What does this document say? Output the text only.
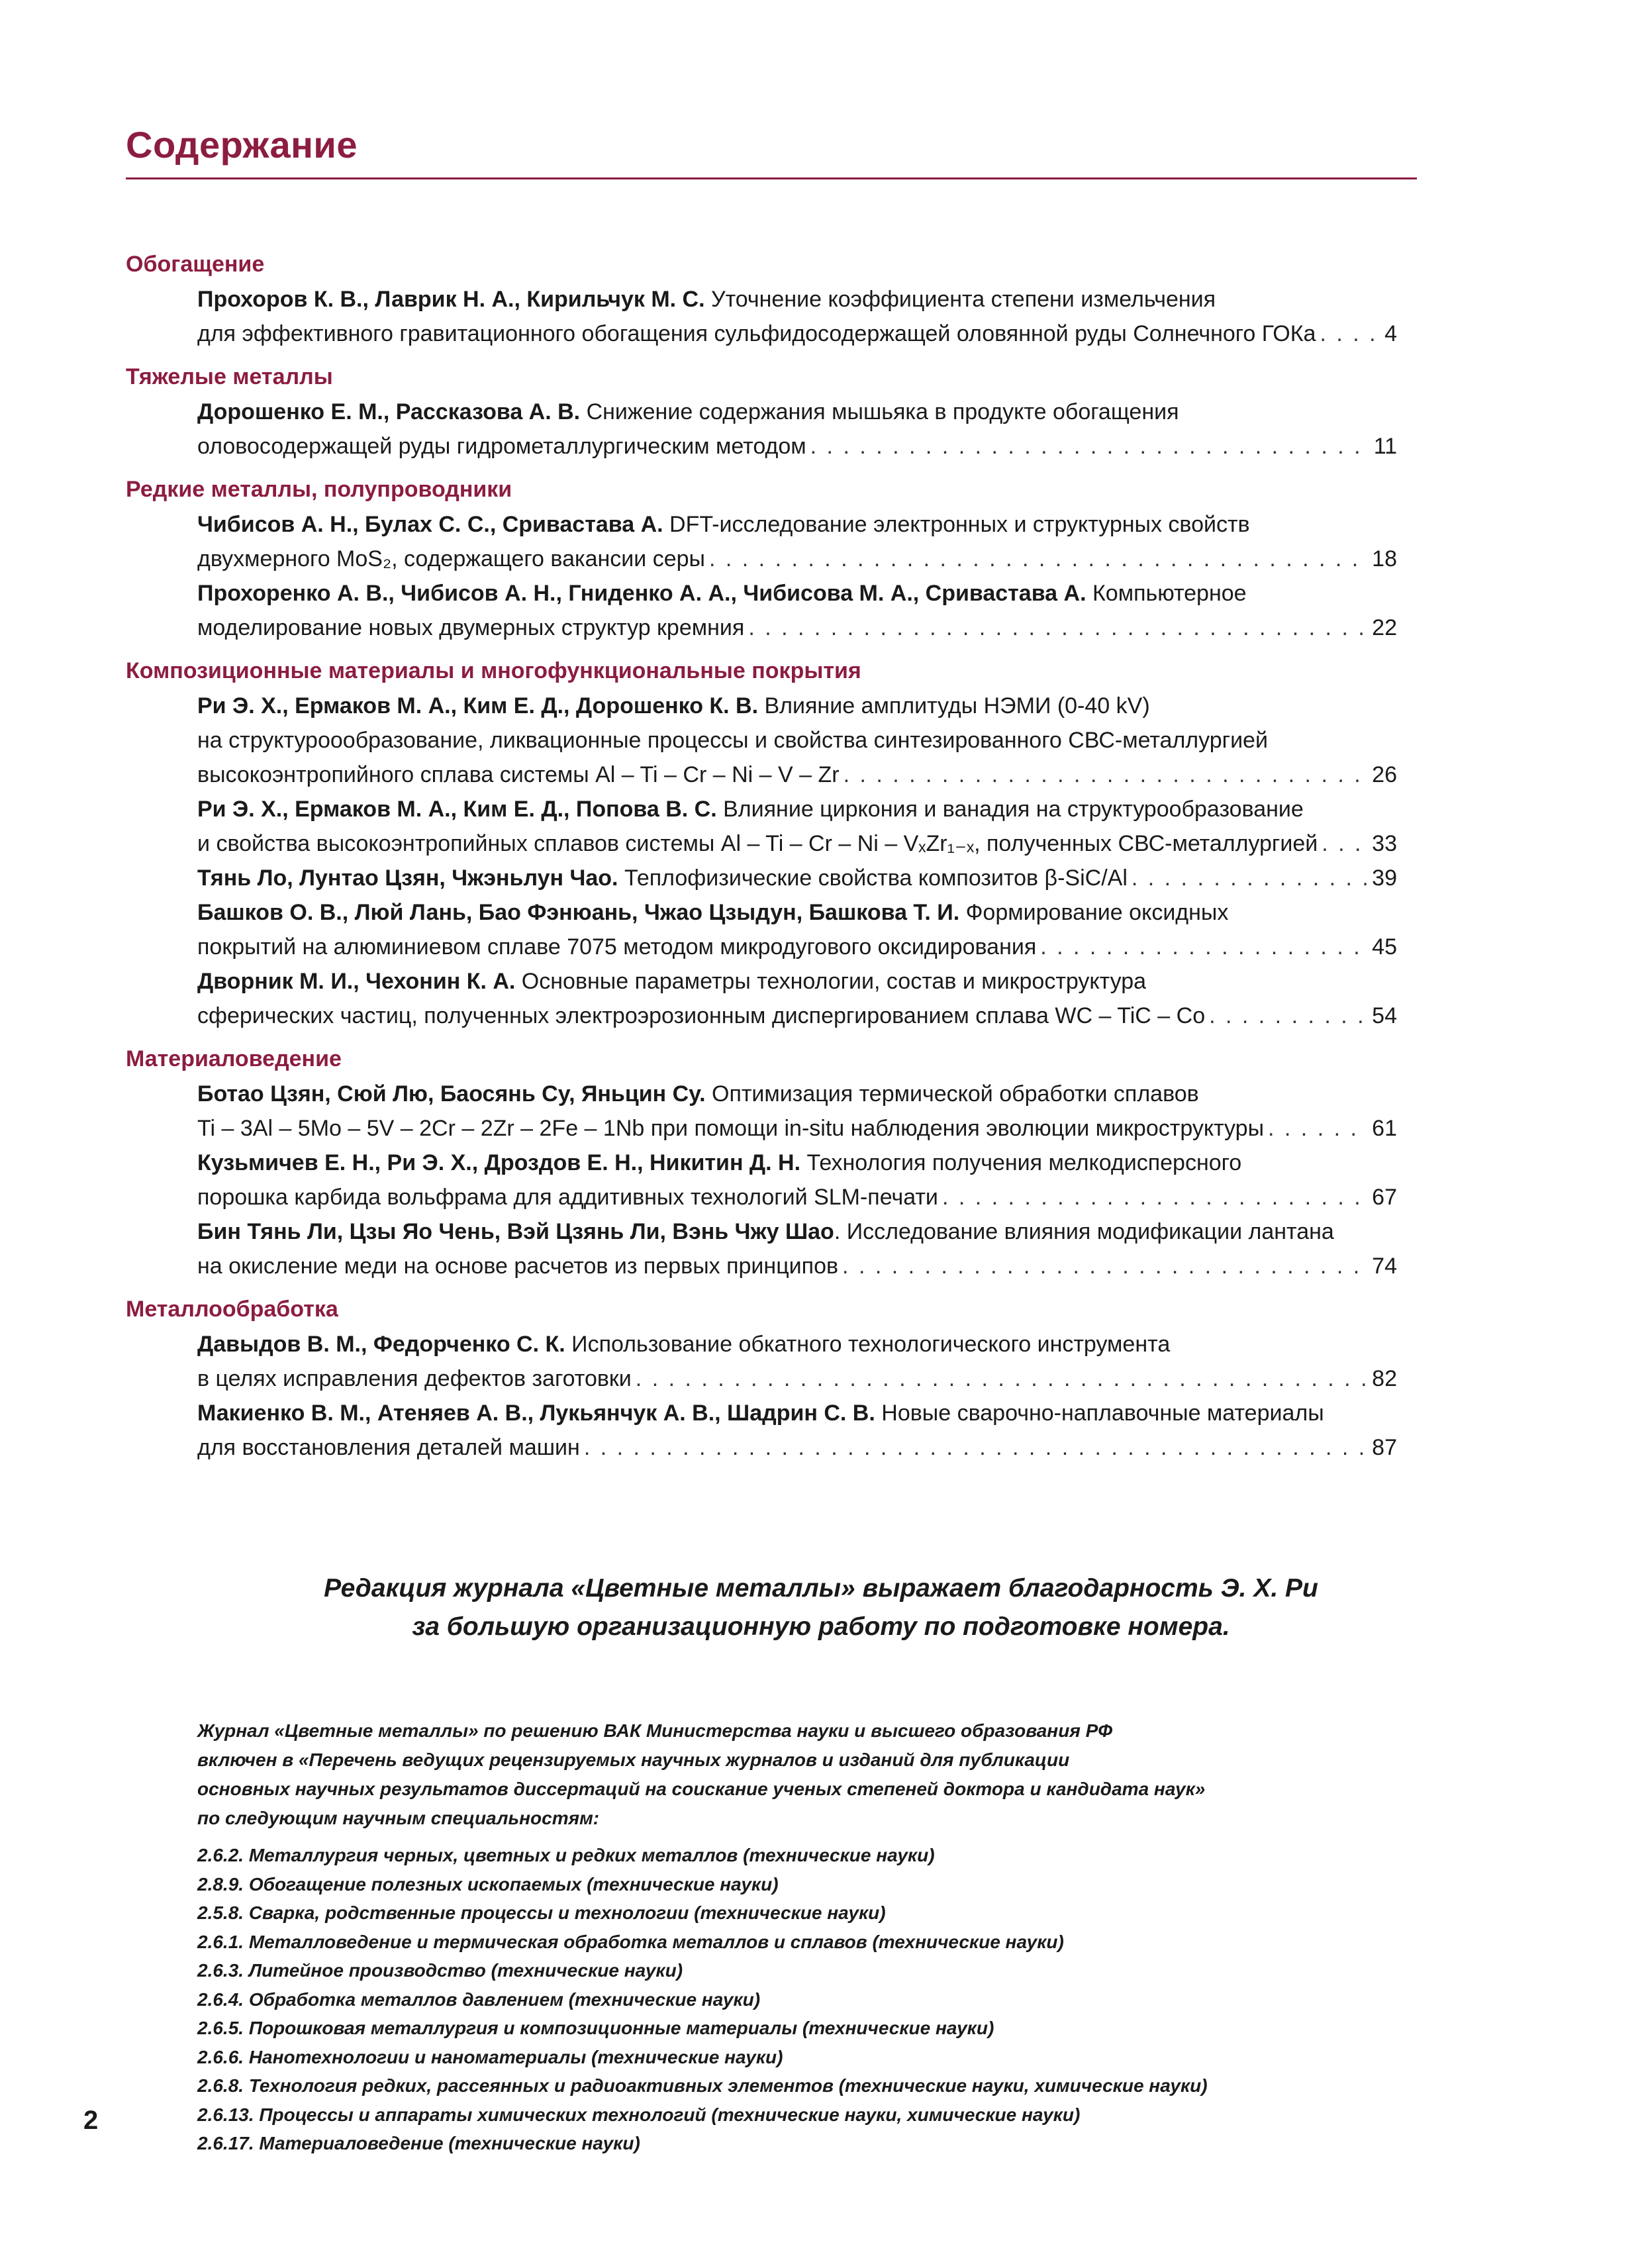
Содержание
Обогащение
Прохоров К. В., Лаврик Н. А., Кирильчук М. С. Уточнение коэффициента степени измельчения
для эффективного гравитационного обогащения сульфидосодержащей оловянной руды Солнечного ГОКа . . .	4
Тяжелые металлы
Дорошенко Е. М., Рассказова А. В. Снижение содержания мышьяка в продукте обогащения
оловосодержащей руды гидрометаллургическим методом . . .	11
Редкие металлы, полупроводники
Чибисов А. Н., Булах С. С., Сривастава А. DFT-исследование электронных и структурных свойств
двухмерного MoS₂, содержащего вакансии серы . . .	18
Прохоренко А. В., Чибисов А. Н., Гниденко А. А., Чибисова М. А., Сривастава А. Компьютерное
моделирование новых двумерных структур кремния . . .	22
Композиционные материалы и многофункциональные покрытия
Ри Э. Х., Ермаков М. А., Ким Е. Д., Дорошенко К. В. Влияние амплитуды НЭМИ (0-40 kV)
на структуроообразование, ликвационные процессы и свойства синтезированного СВС-металлургией
высокоэнтропийного сплава системы Al – Ti – Cr – Ni – V – Zr . . .	26
Ри Э. Х., Ермаков М. А., Ким Е. Д., Попова В. С. Влияние циркония и ванадия на структурообразование
и свойства высокоэнтропийных сплавов системы Al – Ti – Cr – Ni – VₓZr₁₋ₓ, полученных СВС-металлургией . . . 33
Тянь Ло, Лунтао Цзян, Чжэньлун Чао. Теплофизические свойства композитов β-SiC/Al . . .	39
Башков О. В., Люй Лань, Бао Фэнюань, Чжао Цзыдун, Башкова Т. И. Формирование оксидных
покрытий на алюминиевом сплаве 7075 методом микродугового оксидирования . . .	45
Дворник М. И., Чехонин К. А. Основные параметры технологии, состав и микроструктура
сферических частиц, полученных электроэрозионным диспергированием сплава WC – TiC – Co . . .	54
Материаловедение
Ботао Цзян, Сюй Лю, Баосянь Су, Яньцин Су. Оптимизация термической обработки сплавов
Ti – 3Al – 5Mo – 5V – 2Cr – 2Zr – 2Fe – 1Nb при помощи in-situ наблюдения эволюции микроструктуры . . .	61
Кузьмичев Е. Н., Ри Э. Х., Дроздов Е. Н., Никитин Д. Н. Технология получения мелкодисперсного
порошка карбида вольфрама для аддитивных технологий SLM-печати . . .	67
Бин Тянь Ли, Цзы Яо Чень, Вэй Цзянь Ли, Вэнь Чжу Шао. Исследование влияния модификации лантана
на окисление меди на основе расчетов из первых принципов . . .	74
Металлообработка
Давыдов В. М., Федорченко С. К. Использование обкатного технологического инструмента
в целях исправления дефектов заготовки . . .	82
Макиенко В. М., Атеняев А. В., Лукьянчук А. В., Шадрин С. В. Новые сварочно-наплавочные материалы
для восстановления деталей машин . . .	87
Редакция журнала «Цветные металлы» выражает благодарность Э. Х. Ри
за большую организационную работу по подготовке номера.
Журнал «Цветные металлы» по решению ВАК Министерства науки и высшего образования РФ
включен в «Перечень ведущих рецензируемых научных журналов и изданий для публикации
основных научных результатов диссертаций на соискание ученых степеней доктора и кандидата наук»
по следующим научным специальностям:
2.6.2. Металлургия черных, цветных и редких металлов (технические науки)
2.8.9. Обогащение полезных ископаемых (технические науки)
2.5.8. Сварка, родственные процессы и технологии (технические науки)
2.6.1. Металловедение и термическая обработка металлов и сплавов (технические науки)
2.6.3. Литейное производство (технические науки)
2.6.4. Обработка металлов давлением (технические науки)
2.6.5. Порошковая металлургия и композиционные материалы (технические науки)
2.6.6. Нанотехнологии и наноматериалы (технические науки)
2.6.8. Технология редких, рассеянных и радиоактивных элементов (технические науки, химические науки)
2.6.13. Процессы и аппараты химических технологий (технические науки, химические науки)
2.6.17. Материаловедение (технические науки)
2
